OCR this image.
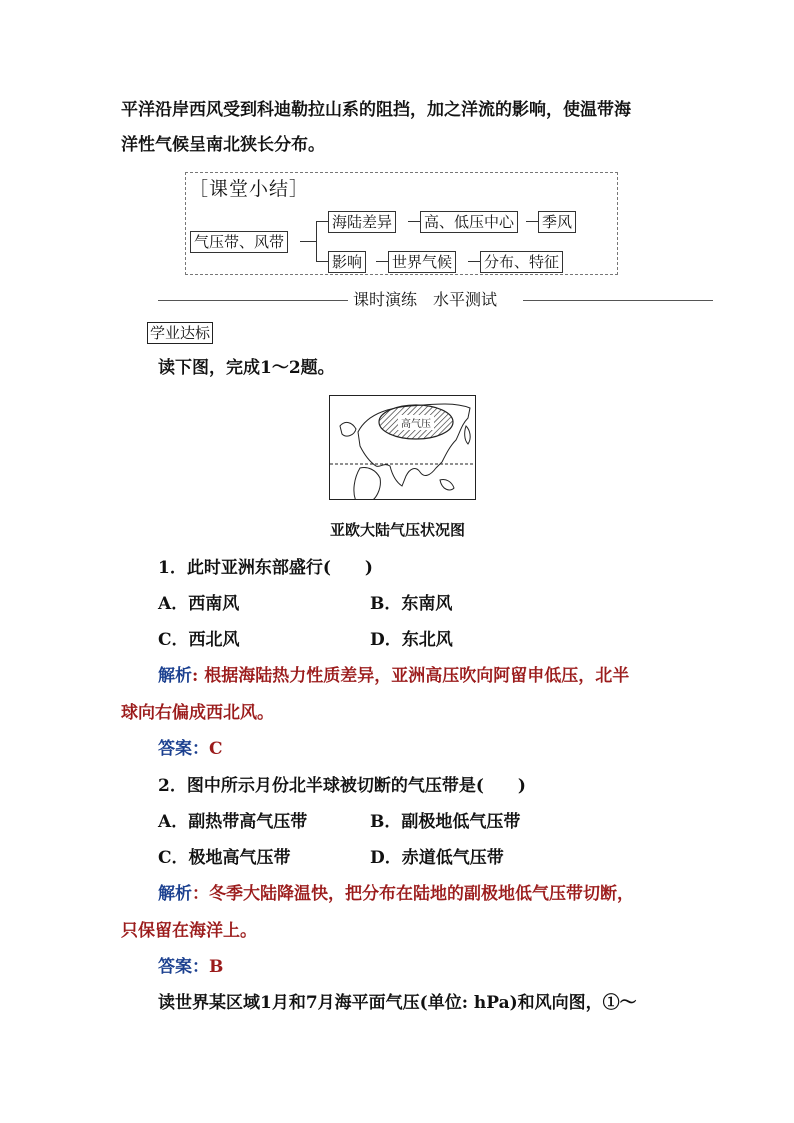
平洋沿岸西风受到科迪勒拉山系的阻挡，加之洋流的影响，使温带海
洋性气候呈南北狭长分布。
［课堂小结］
气压带、风带
海陆差异 高、低压中心 季风
影响 世界气候 分布、特征
课时演练　水平测试
学业达标
读下图，完成1～2题。
高气压
亚欧大陆气压状况图
1．此时亚洲东部盛行(　　)
A．西南风	B．东南风
C．西北风	D．东北风
解析: 根据海陆热力性质差异，亚洲高压吹向阿留申低压，北半
球向右偏成西北风。
答案：C
2．图中所示月份北半球被切断的气压带是(　　)
A．副热带高气压带	B．副极地低气压带
C．极地高气压带	D．赤道低气压带
解析：冬季大陆降温快，把分布在陆地的副极地低气压带切断，
只保留在海洋上。
答案：B
读世界某区域1月和7月海平面气压(单位: hPa)和风向图，①～
